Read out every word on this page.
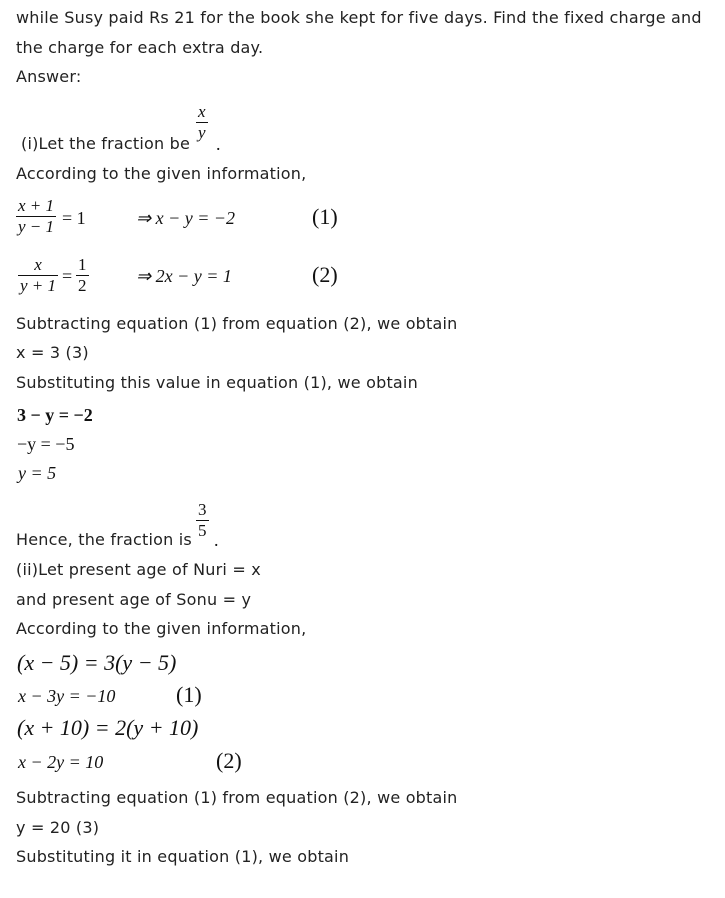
while Susy paid Rs 21 for the book she kept for five days. Find the fixed charge and
the charge for each extra day.
Answer:
(i)Let the fraction be
x
y
.
According to the given information,
x + 1
y − 1 = 1	⇒ x − y = −2	(1)
x
y + 1 =
1
2	⇒ 2x − y = 1	(2)
Subtracting equation (1) from equation (2), we obtain
x = 3 (3)
Substituting this value in equation (1), we obtain
3 − y = −2
−y = −5
y = 5
Hence, the fraction is
3
5 .
(ii)Let present age of Nuri = x
and present age of Sonu = y
According to the given information,
(x − 5) = 3(y − 5)
x − 3y = −10	(1)
(x + 10) = 2(y + 10)
x − 2y = 10	(2)
Subtracting equation (1) from equation (2), we obtain
y = 20 (3)
Substituting it in equation (1), we obtain
